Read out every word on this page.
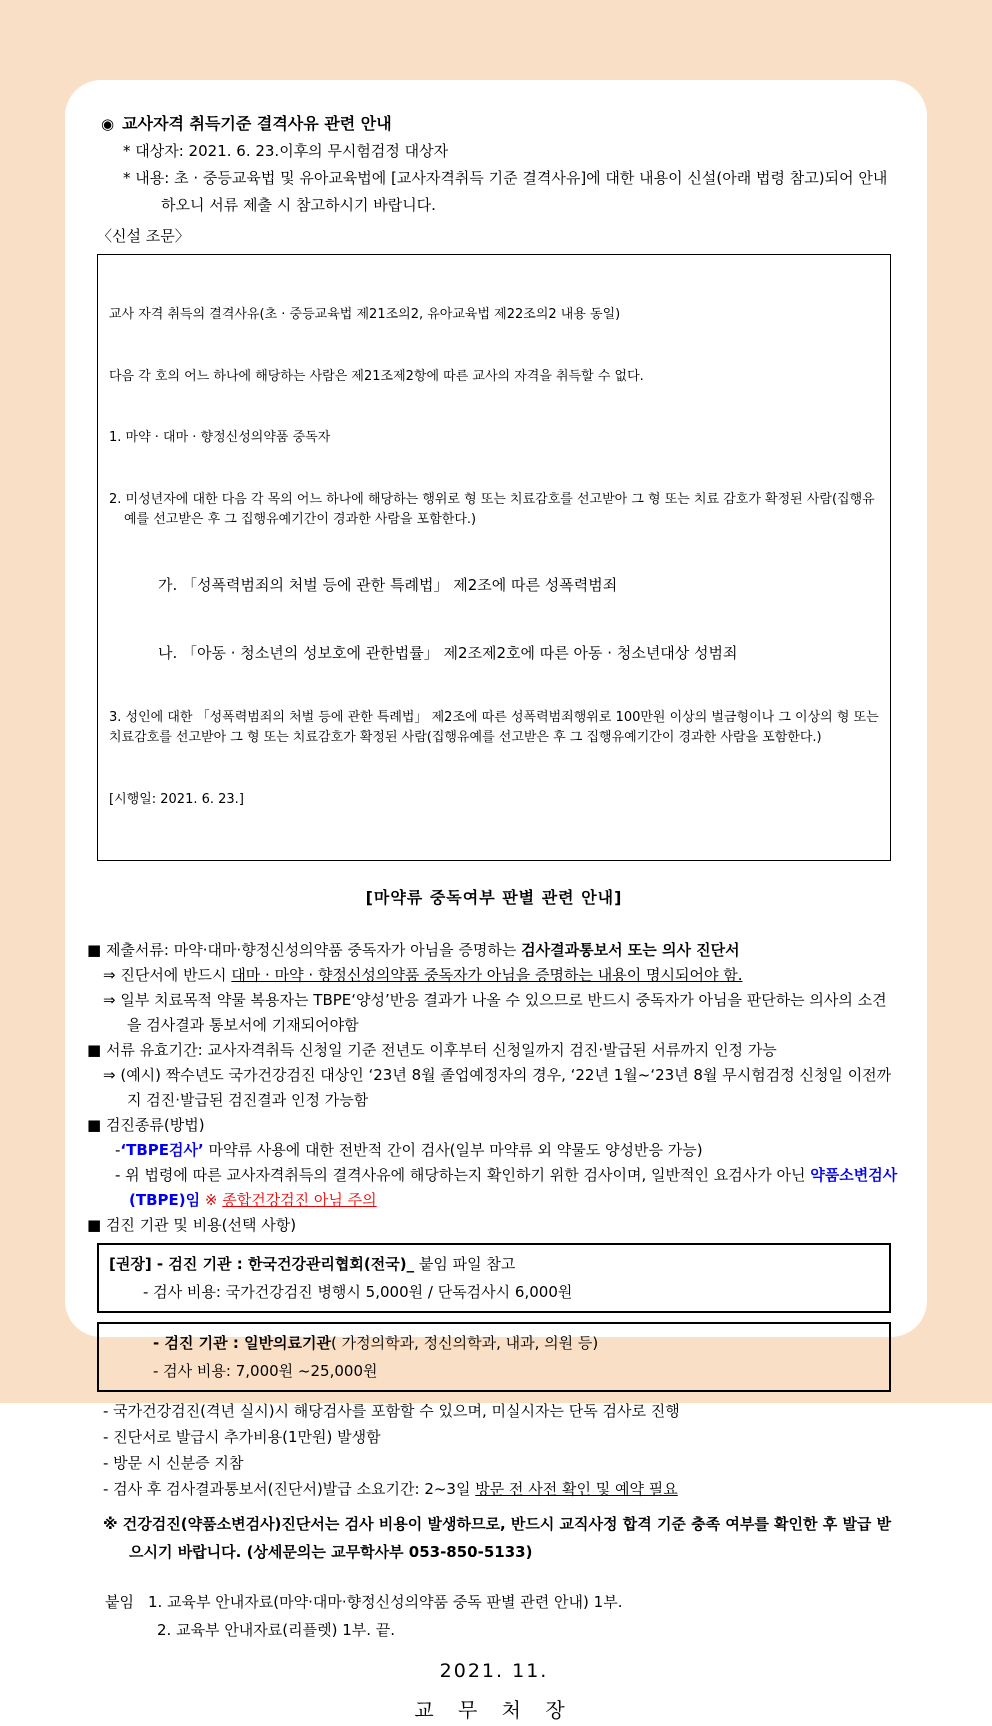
◉ 교사자격 취득기준 결격사유 관련 안내
* 대상자: 2021. 6. 23.이후의 무시험검정 대상자
* 내용: 초 · 중등교육법 및 유아교육법에 [교사자격취득 기준 결격사유]에 대한 내용이 신설(아래 법령 참고)되어 안내하오니 서류 제출 시 참고하시기 바랍니다.
〈신설 조문〉

교사 자격 취득의 결격사유(초 · 중등교육법 제21조의2, 유아교육법 제22조의2 내용 동일)

다음 각 호의 어느 하나에 해당하는 사람은 제21조제2항에 따른 교사의 자격을 취득할 수 없다.

1. 마약 · 대마 · 향정신성의약품 중독자

2. 미성년자에 대한 다음 각 목의 어느 하나에 해당하는 행위로 형 또는 치료감호를 선고받아 그 형 또는 치료 감호가 확정된 사람(집행유예를 선고받은 후 그 집행유예기간이 경과한 사람을 포함한다.)

가. 「성폭력범죄의 처벌 등에 관한 특례법」 제2조에 따른 성폭력범죄

나. 「아동 · 청소년의 성보호에 관한법률」 제2조제2호에 따른 아동 · 청소년대상 성범죄

3. 성인에 대한 「성폭력범죄의 처벌 등에 관한 특례법」 제2조에 따른 성폭력범죄행위로 100만원 이상의 벌금형이나 그 이상의 형 또는 치료감호를 선고받아 그 형 또는 치료감호가 확정된 사람(집행유예를 선고받은 후 그 집행유예기간이 경과한 사람을 포함한다.)

[시행일: 2021. 6. 23.]

[마약류 중독여부 판별 관련 안내]
■ 제출서류: 마약·대마·향정신성의약품 중독자가 아님을 증명하는 검사결과통보서 또는 의사 진단서
⇒ 진단서에 반드시 대마 · 마약 · 향정신성의약품 중독자가 아님을 증명하는 내용이 명시되어야 함.
⇒ 일부 치료목적 약물 복용자는 TBPE‘양성’반응 결과가 나올 수 있으므로 반드시 중독자가 아님을 판단하는 의사의 소견을 검사결과 통보서에 기재되어야함
■ 서류 유효기간: 교사자격취득 신청일 기준 전년도 이후부터 신청일까지 검진·발급된 서류까지 인정 가능
⇒ (예시) 짝수년도 국가건강검진 대상인 ‘23년 8월 졸업예정자의 경우, ‘22년 1월~‘23년 8월 무시험검정 신청일 이전까지 검진·발급된 검진결과 인정 가능함
■ 검진종류(방법)
-‘TBPE검사’ 마약류 사용에 대한 전반적 간이 검사(일부 마약류 외 약물도 양성반응 가능)
- 위 법령에 따른 교사자격취득의 결격사유에 해당하는지 확인하기 위한 검사이며, 일반적인 요검사가 아닌 약품소변검사(TBPE)임 ※ 종합건강검진 아님 주의
■ 검진 기관 및 비용(선택 사항)
[권장] - 검진 기관 : 한국건강관리협회(전국)_ 붙임 파일 참고
- 검사 비용: 국가건강검진 병행시 5,000원 / 단독검사시 6,000원
- 검진 기관 : 일반의료기관( 가정의학과, 정신의학과, 내과, 의원 등)
- 검사 비용: 7,000원 ~25,000원
- 국가건강검진(격년 실시)시 해당검사를 포함할 수 있으며, 미실시자는 단독 검사로 진행
- 진단서로 발급시 추가비용(1만원) 발생함
- 방문 시 신분증 지참
- 검사 후 검사결과통보서(진단서)발급 소요기간: 2~3일 방문 전 사전 확인 및 예약 필요
※ 건강검진(약품소변검사)진단서는 검사 비용이 발생하므로, 반드시 교직사정 합격 기준 충족 여부를 확인한 후 발급 받으시기 바랍니다. (상세문의는 교무학사부 053-850-5133)
붙임 1. 교육부 안내자료(마약·대마·향정신성의약품 중독 판별 관련 안내) 1부.
2. 교육부 안내자료(리플렛) 1부. 끝.
2021. 11.
교 무 처 장
